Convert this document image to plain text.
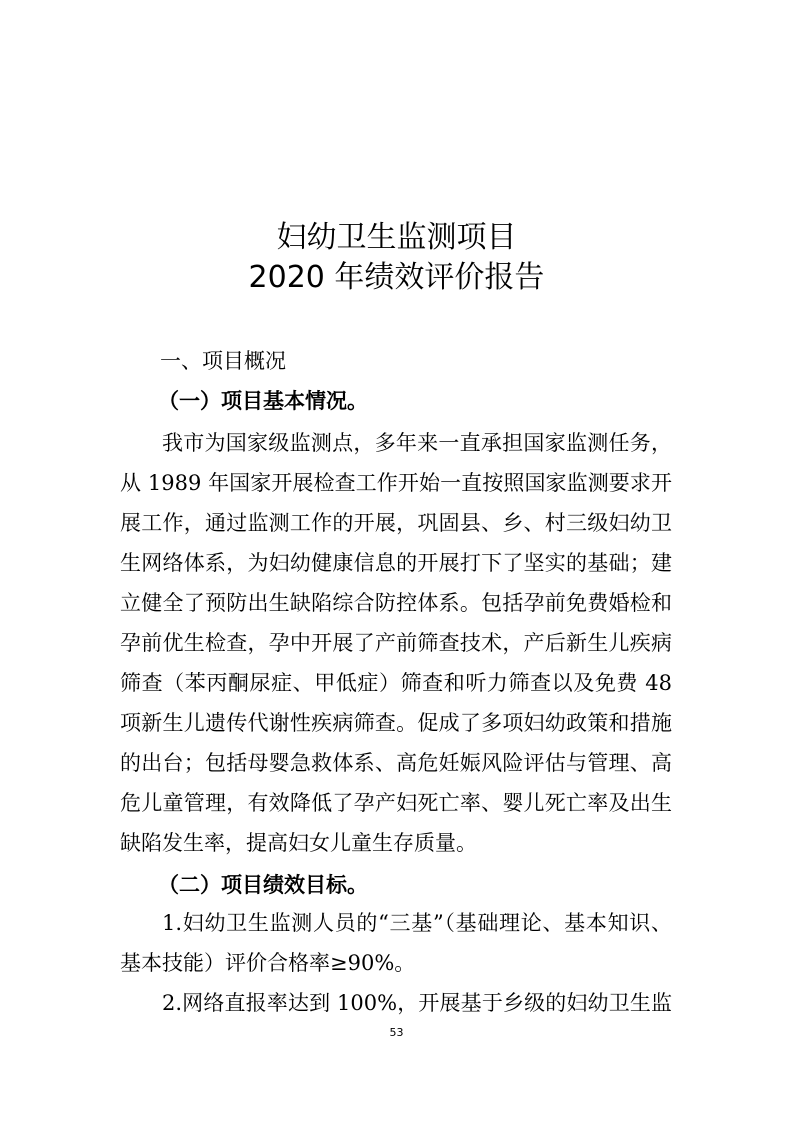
妇幼卫生监测项目
2020 年绩效评价报告
一、项目概况
（一）项目基本情况。
我市为国家级监测点，多年来一直承担国家监测任务，
从 1989 年国家开展检查工作开始一直按照国家监测要求开
展工作，通过监测工作的开展，巩固县、乡、村三级妇幼卫
生网络体系，为妇幼健康信息的开展打下了坚实的基础；建
立健全了预防出生缺陷综合防控体系。包括孕前免费婚检和
孕前优生检查，孕中开展了产前筛查技术，产后新生儿疾病
筛查（苯丙酮尿症、甲低症）筛查和听力筛查以及免费 48
项新生儿遗传代谢性疾病筛查。促成了多项妇幼政策和措施
的出台；包括母婴急救体系、高危妊娠风险评估与管理、高
危儿童管理，有效降低了孕产妇死亡率、婴儿死亡率及出生
缺陷发生率，提高妇女儿童生存质量。
（二）项目绩效目标。
1.妇幼卫生监测人员的“三基”（基础理论、基本知识、
基本技能）评价合格率≥90%。
2.网络直报率达到 100%，开展基于乡级的妇幼卫生监
53
